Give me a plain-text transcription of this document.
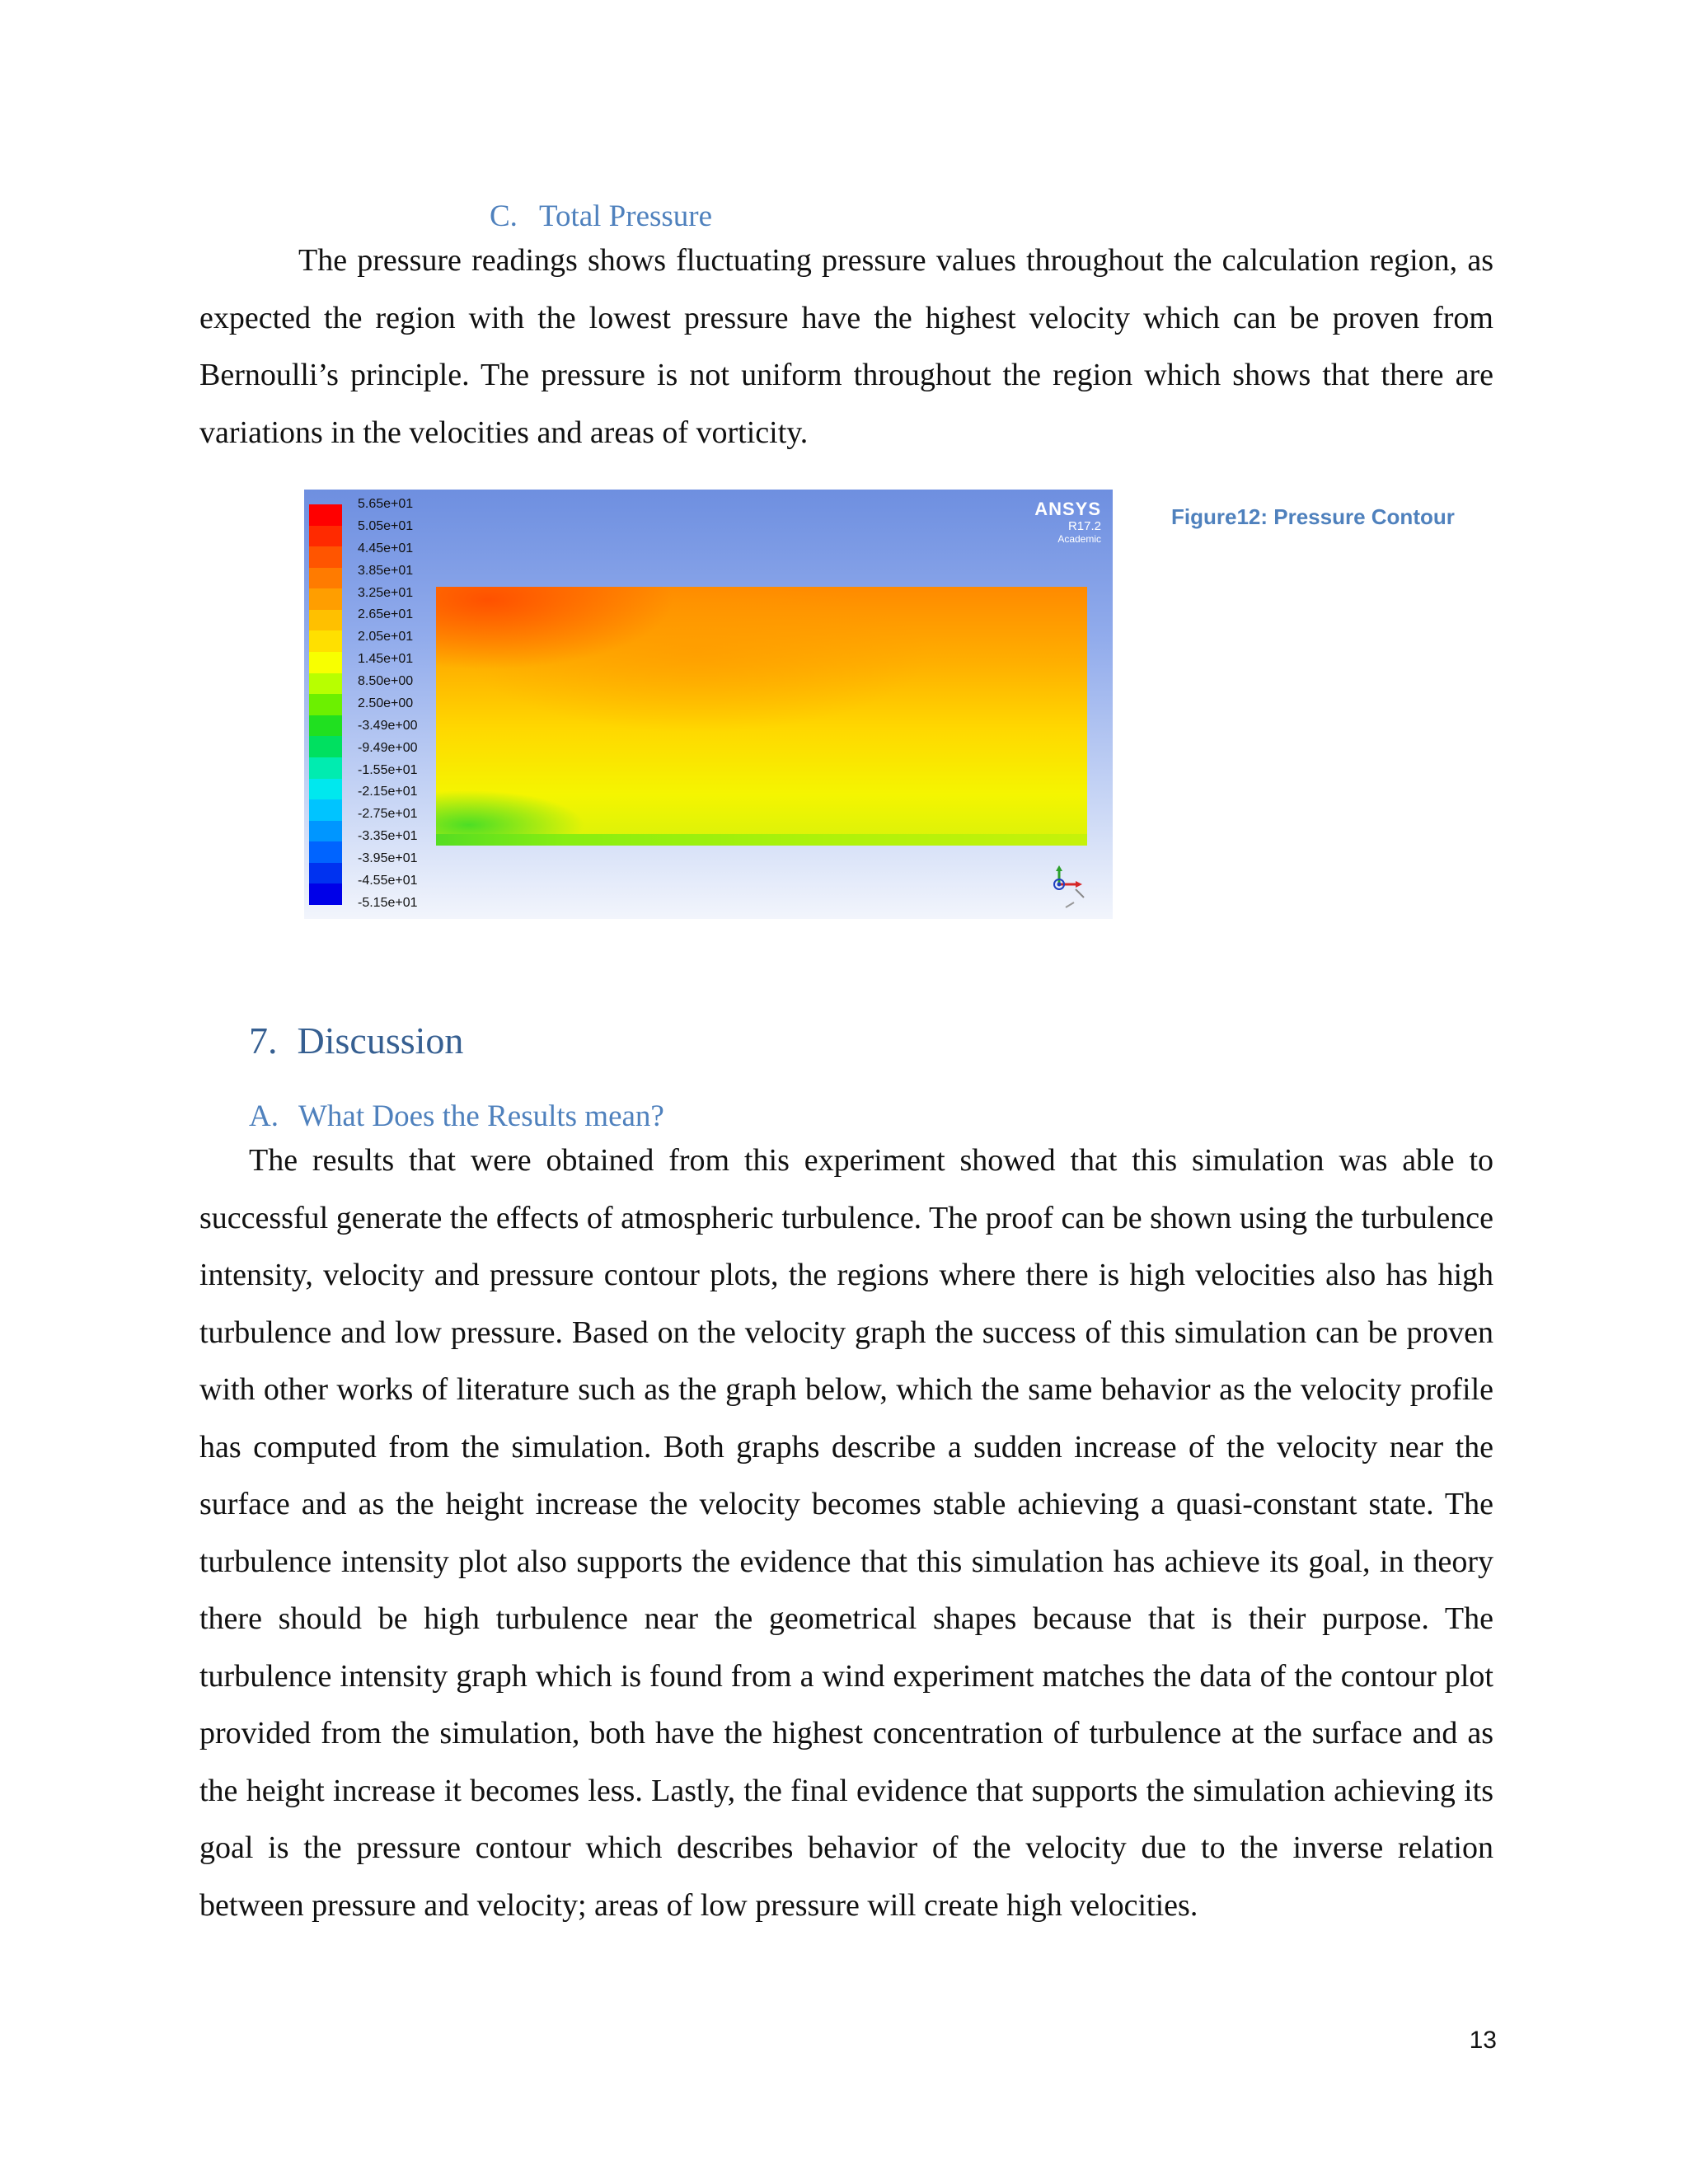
C. Total Pressure

The pressure readings shows fluctuating pressure values throughout the calculation region, as expected the region with the lowest pressure have the highest velocity which can be proven from Bernoulli’s principle. The pressure is not uniform throughout the region which shows that there are variations in the velocities and areas of vorticity.

5.65e+01
5.05e+01
4.45e+01
3.85e+01
3.25e+01
2.65e+01
2.05e+01
1.45e+01
8.50e+00
2.50e+00
-3.49e+00
-9.49e+00
-1.55e+01
-2.15e+01
-2.75e+01
-3.35e+01
-3.95e+01
-4.55e+01
-5.15e+01
ANSYS
R17.2
Academic
Figure12: Pressure Contour
7. Discussion
A. What Does the Results mean?

The results that were obtained from this experiment showed that this simulation was able to successful generate the effects of atmospheric turbulence. The proof can be shown using the turbulence intensity, velocity and pressure contour plots, the regions where there is high velocities also has high turbulence and low pressure. Based on the velocity graph the success of this simulation can be proven with other works of literature such as the graph below, which the same behavior as the velocity profile has computed from the simulation. Both graphs describe a sudden increase of the velocity near the surface and as the height increase the velocity becomes stable achieving a quasi-constant state. The turbulence intensity plot also supports the evidence that this simulation has achieve its goal, in theory there should be high turbulence near the geometrical shapes because that is their purpose. The turbulence intensity graph which is found from a wind experiment matches the data of the contour plot provided from the simulation, both have the highest concentration of turbulence at the surface and as the height increase it becomes less. Lastly, the final evidence that supports the simulation achieving its goal is the pressure contour which describes behavior of the velocity due to the inverse relation between pressure and velocity; areas of low pressure will create high velocities.

13
